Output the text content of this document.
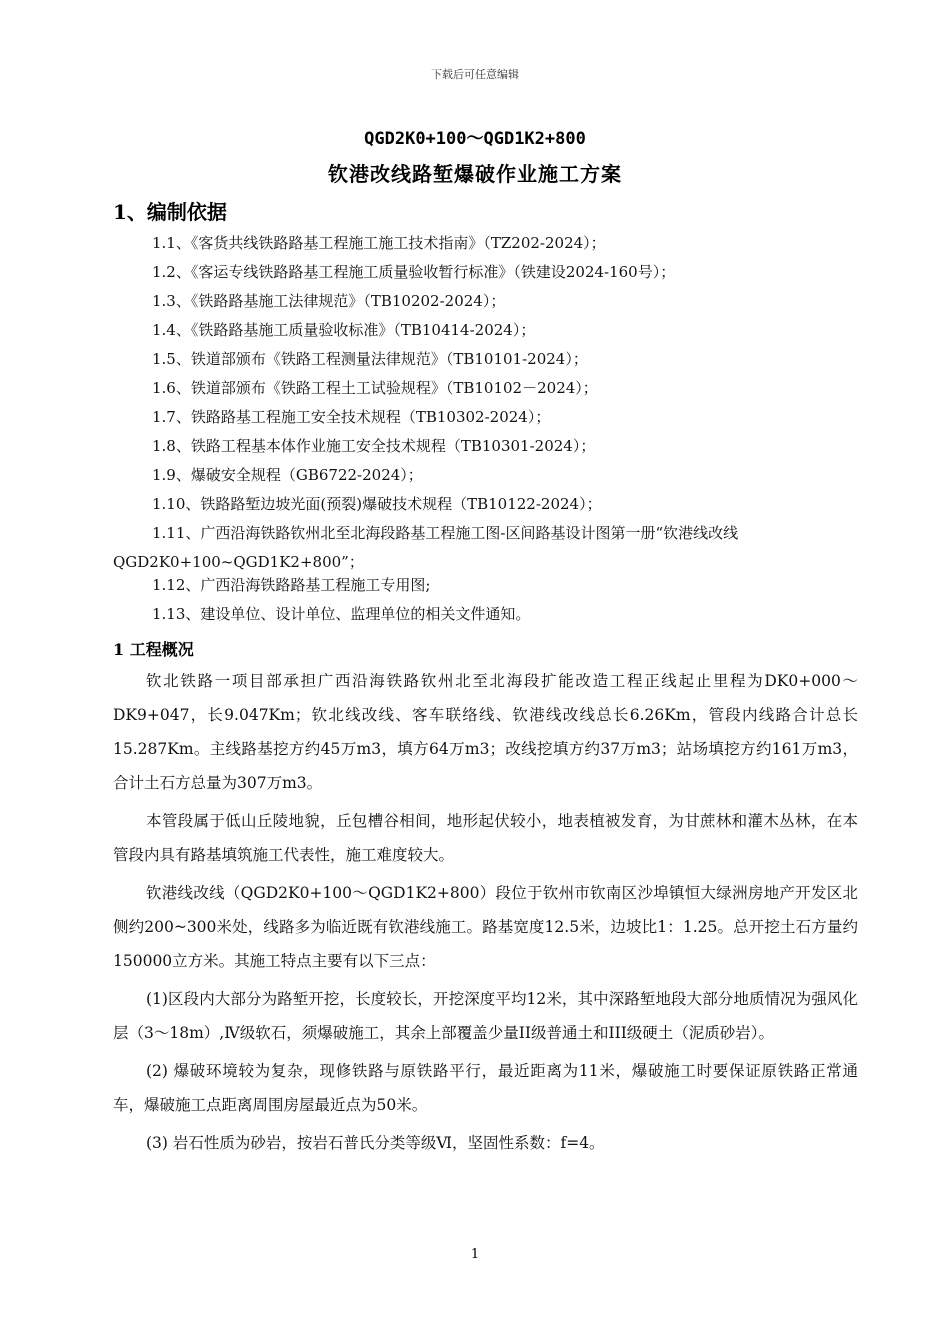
下载后可任意编辑
QGD2K0+100～QGD1K2+800
钦港改线路堑爆破作业施工方案
1、编制依据
1.1、《客货共线铁路路基工程施工施工技术指南》（TZ202-2024）；
1.2、《客运专线铁路路基工程施工质量验收暂行标准》（铁建设2024-160号）；
1.3、《铁路路基施工法律规范》（TB10202-2024）；
1.4、《铁路路基施工质量验收标准》（TB10414-2024）；
1.5、铁道部颁布《铁路工程测量法律规范》（TB10101-2024）；
1.6、铁道部颁布《铁路工程土工试验规程》（TB10102－2024）；
1.7、铁路路基工程施工安全技术规程（TB10302-2024）；
1.8、铁路工程基本体作业施工安全技术规程（TB10301-2024）；
1.9、爆破安全规程（GB6722-2024）；
1.10、铁路路堑边坡光面(预裂)爆破技术规程（TB10122-2024）；
1.11、广西沿海铁路钦州北至北海段路基工程施工图-区间路基设计图第一册“钦港线改线QGD2K0+100~QGD1K2+800”；
1.12、广西沿海铁路路基工程施工专用图;
1.13、建设单位、设计单位、监理单位的相关文件通知。
1 工程概况

钦北铁路一项目部承担广西沿海铁路钦州北至北海段扩能改造工程正线起止里程为DK0+000～DK9+047，长9.047Km；钦北线改线、客车联络线、钦港线改线总长6.26Km，管段内线路合计总长15.287Km。主线路基挖方约45万m3，填方64万m3；改线挖填方约37万m3；站场填挖方约161万m3，合计土石方总量为307万m3。

本管段属于低山丘陵地貌，丘包槽谷相间，地形起伏较小，地表植被发育，为甘蔗林和灌木丛林，在本管段内具有路基填筑施工代表性，施工难度较大。

钦港线改线（QGD2K0+100～QGD1K2+800）段位于钦州市钦南区沙埠镇恒大绿洲房地产开发区北侧约200~300米处，线路多为临近既有钦港线施工。路基宽度12.5米，边坡比1：1.25。总开挖土石方量约150000立方米。其施工特点主要有以下三点：

(1)区段内大部分为路堑开挖，长度较长，开挖深度平均12米，其中深路堑地段大部分地质情况为强风化层（3～18m）,Ⅳ级软石，须爆破施工，其余上部覆盖少量II级普通土和III级硬土（泥质砂岩）。

(2) 爆破环境较为复杂，现修铁路与原铁路平行，最近距离为11米，爆破施工时要保证原铁路正常通车，爆破施工点距离周围房屋最近点为50米。

(3) 岩石性质为砂岩，按岩石普氏分类等级Ⅵ，坚固性系数：f=4。

1
